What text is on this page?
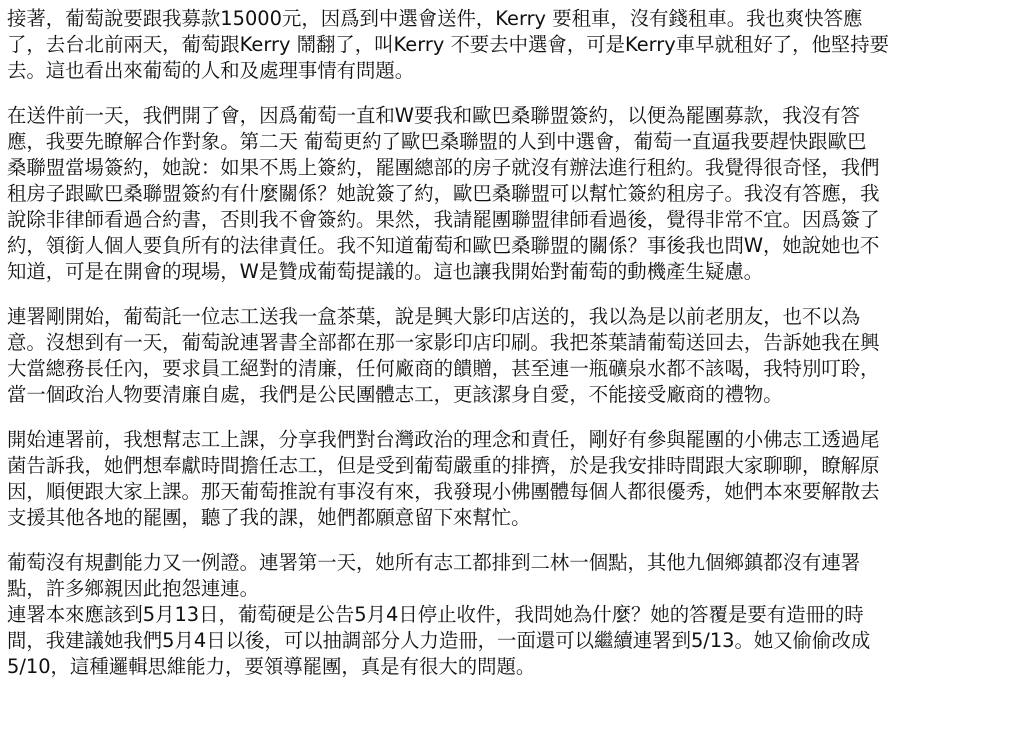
接著，葡萄說要跟我募款15000元，因爲到中選會送件，Kerry 要租車，沒有錢租車。我也爽快答應
了，去台北前兩天，葡萄跟Kerry 鬧翻了，叫Kerry 不要去中選會，可是Kerry車早就租好了，他堅持要
去。這也看出來葡萄的人和及處理事情有問題。

在送件前一天，我們開了會，因爲葡萄一直和W要我和歐巴桑聯盟簽約，以便為罷團募款，我沒有答
應，我要先瞭解合作對象。第二天 葡萄更約了歐巴桑聯盟的人到中選會，葡萄一直逼我要趕快跟歐巴
桑聯盟當場簽約，她說：如果不馬上簽約，罷團總部的房子就沒有辦法進行租約。我覺得很奇怪，我們
租房子跟歐巴桑聯盟簽約有什麼關係？她說簽了約，歐巴桑聯盟可以幫忙簽約租房子。我沒有答應，我
說除非律師看過合約書，否則我不會簽約。果然，我請罷團聯盟律師看過後，覺得非常不宜。因爲簽了
約，領銜人個人要負所有的法律責任。我不知道葡萄和歐巴桑聯盟的關係？事後我也問W，她說她也不
知道，可是在開會的現場，W是贊成葡萄提議的。這也讓我開始對葡萄的動機產生疑慮。

連署剛開始，葡萄託一位志工送我一盒茶葉，說是興大影印店送的，我以為是以前老朋友，也不以為
意。沒想到有一天，葡萄說連署書全部都在那一家影印店印刷。我把茶葉請葡萄送回去，告訴她我在興
大當總務長任內，要求員工絕對的清廉，任何廠商的饋贈，甚至連一瓶礦泉水都不該喝，我特別叮聆，
當一個政治人物要清廉自處，我們是公民團體志工，更該潔身自愛，不能接受廠商的禮物。

開始連署前，我想幫志工上課，分享我們對台灣政治的理念和責任，剛好有參與罷團的小佛志工透過尾
菌告訴我，她們想奉獻時間擔任志工，但是受到葡萄嚴重的排擠，於是我安排時間跟大家聊聊，瞭解原
因，順便跟大家上課。那天葡萄推說有事沒有來，我發現小佛團體每個人都很優秀，她們本來要解散去
支援其他各地的罷團，聽了我的課，她們都願意留下來幫忙。

葡萄沒有規劃能力又一例證。連署第一天，她所有志工都排到二林一個點，其他九個鄉鎮都沒有連署
點，許多鄉親因此抱怨連連。
連署本來應該到5月13日，葡萄硬是公告5月4日停止收件，我問她為什麼？她的答覆是要有造冊的時
間，我建議她我們5月4日以後，可以抽調部分人力造冊，一面還可以繼續連署到5/13。她又偷偷改成
5/10，這種邏輯思維能力，要領導罷團，真是有很大的問題。
